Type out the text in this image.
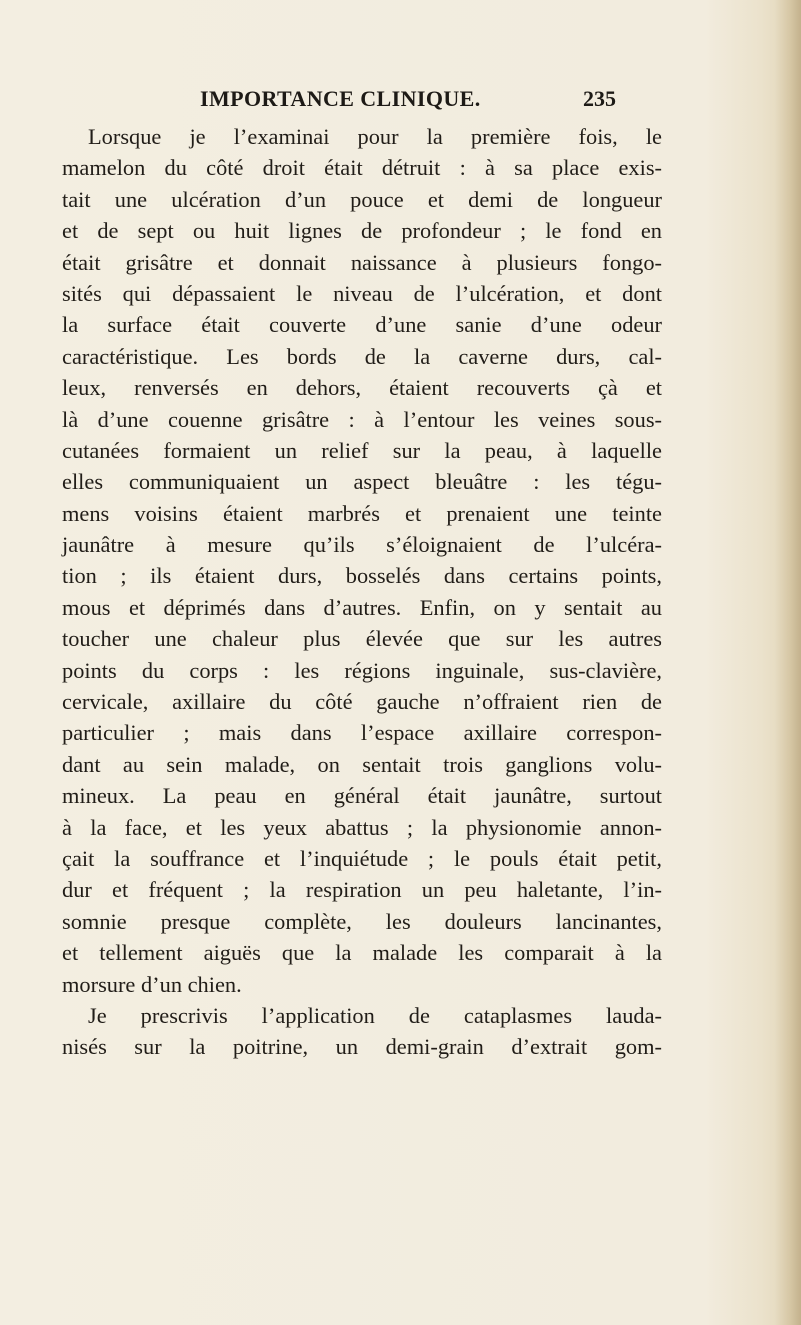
IMPORTANCE CLINIQUE.	235
Lorsque je l’examinai pour la première fois, le
mamelon du côté droit était détruit : à sa place exis-
tait une ulcération d’un pouce et demi de longueur
et de sept ou huit lignes de profondeur ; le fond en
était grisâtre et donnait naissance à plusieurs fongo-
sités qui dépassaient le niveau de l’ulcération, et dont
la surface était couverte d’une sanie d’une odeur
caractéristique. Les bords de la caverne durs, cal-
leux, renversés en dehors, étaient recouverts çà et
là d’une couenne grisâtre : à l’entour les veines sous-
cutanées formaient un relief sur la peau, à laquelle
elles communiquaient un aspect bleuâtre : les tégu-
mens voisins étaient marbrés et prenaient une teinte
jaunâtre à mesure qu’ils s’éloignaient de l’ulcéra-
tion ; ils étaient durs, bosselés dans certains points,
mous et déprimés dans d’autres. Enfin, on y sentait au
toucher une chaleur plus élevée que sur les autres
points du corps : les régions inguinale, sus-clavière,
cervicale, axillaire du côté gauche n’offraient rien de
particulier ; mais dans l’espace axillaire correspon-
dant au sein malade, on sentait trois ganglions volu-
mineux. La peau en général était jaunâtre, surtout
à la face, et les yeux abattus ; la physionomie annon-
çait la souffrance et l’inquiétude ; le pouls était petit,
dur et fréquent ; la respiration un peu haletante, l’in-
somnie presque complète, les douleurs lancinantes,
et tellement aiguës que la malade les comparait à la
morsure d’un chien.
Je prescrivis l’application de cataplasmes lauda-
nisés sur la poitrine, un demi-grain d’extrait gom-
